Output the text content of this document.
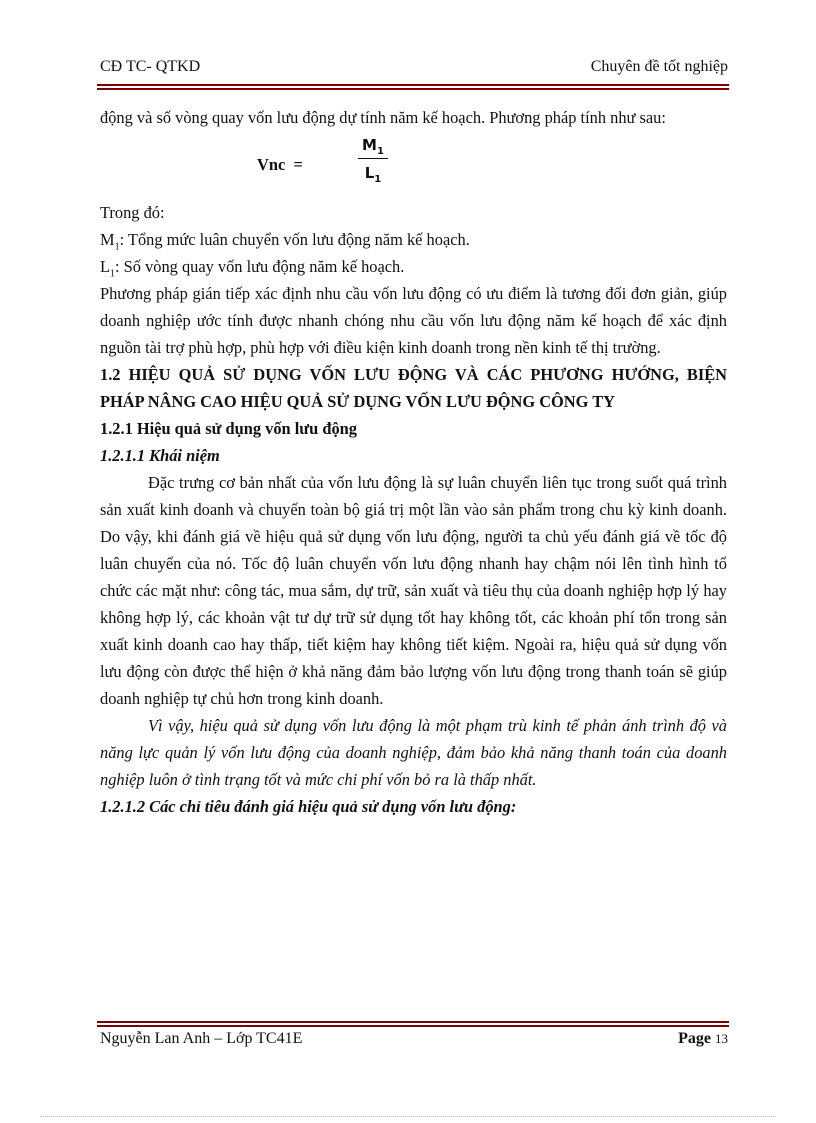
CĐ TC- QTKD	Chuyên đề tốt nghiệp

động và số vòng quay vốn lưu động dự tính năm kế hoạch. Phương pháp tính như sau:

Vnc =
$M_1$
$L_1$

Trong đó:

$M_1$: Tổng mức luân chuyển vốn lưu động năm kế hoạch.

$L_1$: Số vòng quay vốn lưu động năm kế hoạch.

Phương pháp gián tiếp xác định nhu cầu vốn lưu động có ưu điểm là tương đối đơn giản, giúp doanh nghiệp ước tính được nhanh chóng nhu cầu vốn lưu động năm kế hoạch để xác định nguồn tài trợ phù hợp, phù hợp với điều kiện kinh doanh trong nền kinh tế thị trường.

1.2 HIỆU QUẢ SỬ DỤNG VỐN LƯU ĐỘNG VÀ CÁC PHƯƠNG HƯỚNG, BIỆN PHÁP NÂNG CAO HIỆU QUẢ SỬ DỤNG VỐN LƯU ĐỘNG CÔNG TY

1.2.1 Hiệu quả sử dụng vốn lưu động

1.2.1.1 Khái niệm

Đặc trưng cơ bản nhất của vốn lưu động là sự luân chuyển liên tục trong suốt quá trình sản xuất kinh doanh và chuyển toàn bộ giá trị một lần vào sản phẩm trong chu kỳ kinh doanh. Do vậy, khi đánh giá về hiệu quả sử dụng vốn lưu động, người ta chủ yếu đánh giá về tốc độ luân chuyển của nó. Tốc độ luân chuyển vốn lưu động nhanh hay chậm nói lên tình hình tổ chức các mặt như: công tác, mua sắm, dự trữ, sản xuất và tiêu thụ của doanh nghiệp hợp lý hay không hợp lý, các khoản vật tư dự trữ sử dụng tốt hay không tốt, các khoản phí tổn trong sản xuất kinh doanh cao hay thấp, tiết kiệm hay không tiết kiệm. Ngoài ra, hiệu quả sử dụng vốn lưu động còn được thể hiện ở khả năng đảm bảo lượng vốn lưu động trong thanh toán sẽ giúp doanh nghiệp tự chủ hơn trong kinh doanh.

Vì vậy, hiệu quả sử dụng vốn lưu động là một phạm trù kinh tế phản ánh trình độ và năng lực quản lý vốn lưu động của doanh nghiệp, đảm bảo khả năng thanh toán của doanh nghiệp luôn ở tình trạng tốt và mức chi phí vốn bỏ ra là thấp nhất.

1.2.1.2 Các chỉ tiêu đánh giá hiệu quả sử dụng vốn lưu động:

Nguyễn Lan Anh – Lớp TC41E	Page 13
